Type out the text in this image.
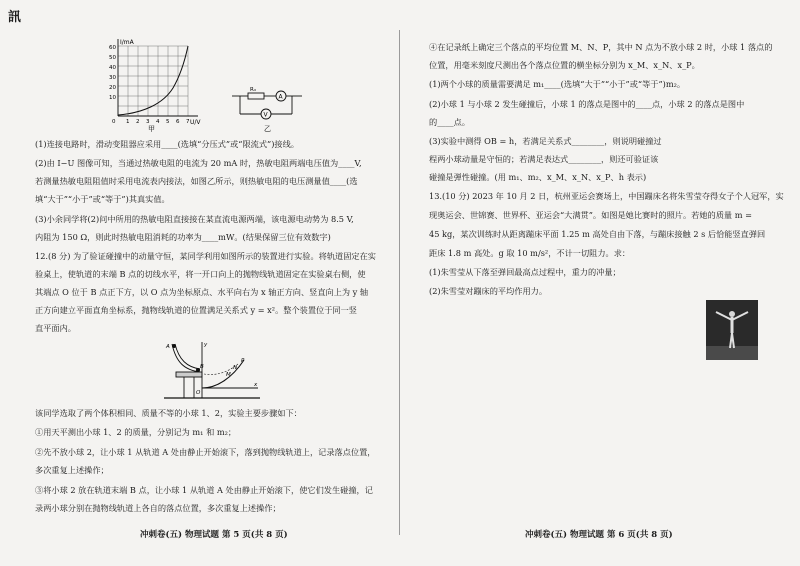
訊
I/mA
U/V
60
50
40
30
20
10
0 1 2 3 4 5 6 7
甲
Rₓ
A
V
乙
(1)连接电路时，滑动变阻器应采用____(选填“分压式”或“限流式”)接线。
(2)由 I−U 图像可知，当通过热敏电阻的电流为 20 mA 时，热敏电阻两端电压值为____V,
若测量热敏电阻阻值时采用电流表内接法，如图乙所示，则热敏电阻的电压测量值____(选
填“大于”“小于”或“等于”)其真实值。
(3)小余同学将(2)问中所用的热敏电阻直接接在某直流电源两端，该电源电动势为 8.5 V,
内阻为 150 Ω，则此时热敏电阻消耗的功率为____mW。(结果保留三位有效数字)
12.(8 分) 为了验证碰撞中的动量守恒，某同学利用如图所示的装置进行实验。将轨道固定在实
验桌上，使轨道的末端 B 点的切线水平，将一开口向上的抛物线轨道固定在实验桌右侧，使
其端点 O 位于 B 点正下方，以 O 点为坐标原点、水平向右为 x 轴正方向、竖直向上为 y 轴
正方向建立平面直角坐标系，抛物线轨道的位置满足关系式 y = x²。整个装置位于同一竖
直平面内。
A
B
O
M
N
P
y
x
该同学选取了两个体积相同、质量不等的小球 1、2，实验主要步骤如下：
①用天平测出小球 1、2 的质量，分别记为 m₁ 和 m₂；
②先不放小球 2，让小球 1 从轨道 A 处由静止开始滚下，落到抛物线轨道上，记录落点位置，
多次重复上述操作；
③将小球 2 放在轨道末端 B 点，让小球 1 从轨道 A 处由静止开始滚下，使它们发生碰撞，记
录两小球分别在抛物线轨道上各自的落点位置，多次重复上述操作；
冲刺卷(五) 物理试题 第 5 页(共 8 页)
④在记录纸上确定三个落点的平均位置 M、N、P，其中 N 点为不放小球 2 时，小球 1 落点的
位置，用毫米刻度尺测出各个落点位置的横坐标分别为 x_M、x_N、x_P。
(1)两个小球的质量需要满足 m₁____(选填“大于”“小于”或“等于”)m₂。
(2)小球 1 与小球 2 发生碰撞后，小球 1 的落点是图中的____点，小球 2 的落点是图中
的____点。
(3)实验中测得 OB = h，若满足关系式________，则说明碰撞过
程两小球动量是守恒的；若满足表达式________，则还可验证该
碰撞是弹性碰撞。(用 m₁、m₂、x_M、x_N、x_P、h 表示)
13.(10 分) 2023 年 10 月 2 日，杭州亚运会赛场上，中国蹦床名将朱雪莹夺得女子个人冠军，实
现奥运会、世锦赛、世界杯、亚运会“大满贯”。如图是她比赛时的照片。若她的质量 m =
45 kg，某次训练时从距离蹦床平面 1.25 m 高处自由下落，与蹦床接触 2 s 后恰能竖直弹回
距床 1.8 m 高处。g 取 10 m/s²，不计一切阻力。求：
(1)朱雪莹从下落至弹回最高点过程中，重力的冲量；
(2)朱雪莹对蹦床的平均作用力。
冲刺卷(五) 物理试题 第 6 页(共 8 页)
